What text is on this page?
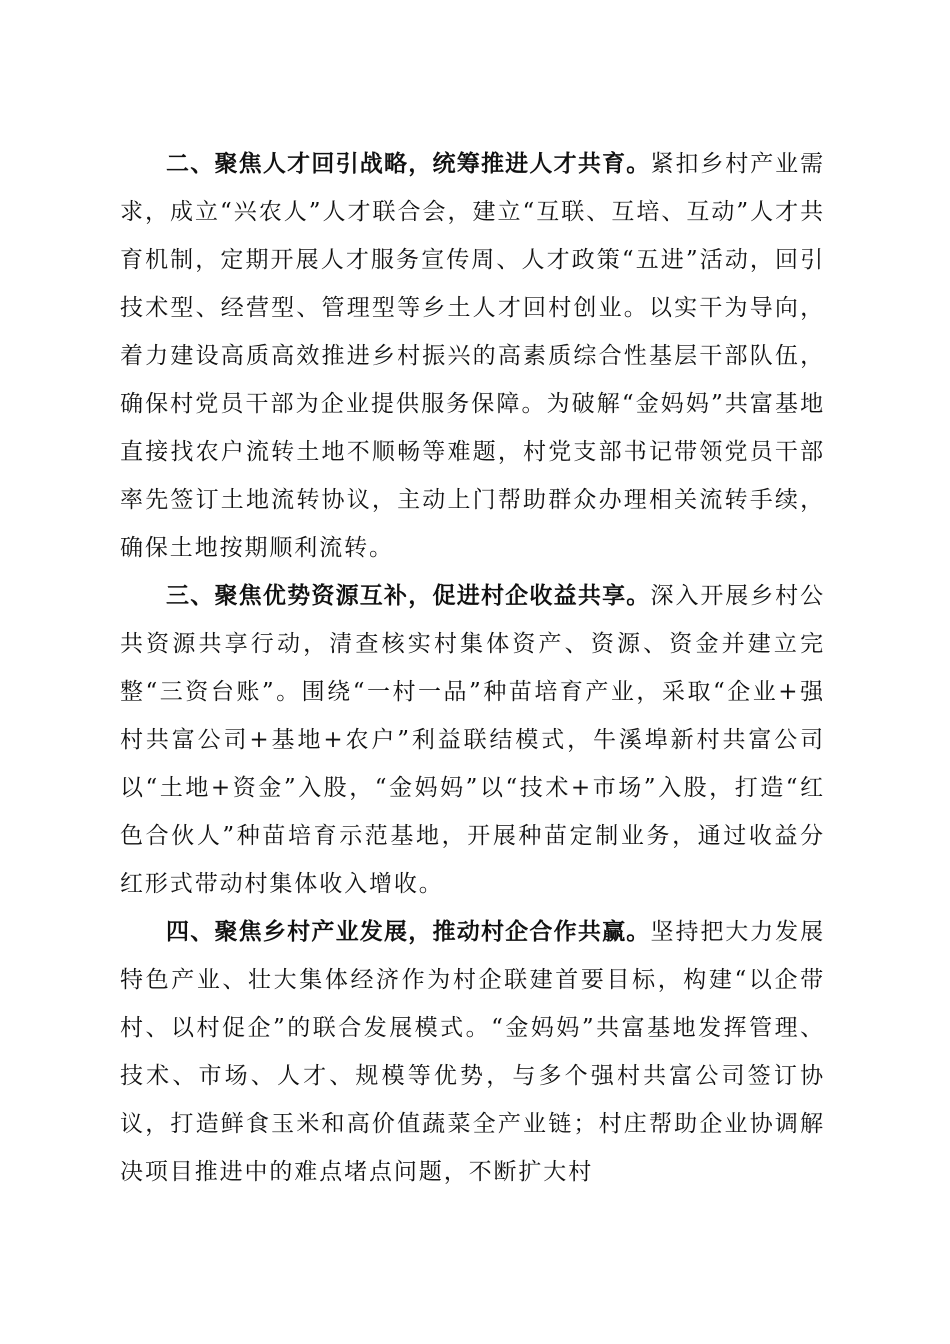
二、聚焦人才回引战略，统筹推进人才共育。紧扣乡村产业需求，成立“兴农人”人才联合会，建立“互联、互培、互动”人才共育机制，定期开展人才服务宣传周、人才政策“五进”活动，回引技术型、经营型、管理型等乡土人才回村创业。以实干为导向，着力建设高质高效推进乡村振兴的高素质综合性基层干部队伍，确保村党员干部为企业提供服务保障。为破解“金妈妈”共富基地直接找农户流转土地不顺畅等难题，村党支部书记带领党员干部率先签订土地流转协议，主动上门帮助群众办理相关流转手续，确保土地按期顺利流转。

三、聚焦优势资源互补，促进村企收益共享。深入开展乡村公共资源共享行动，清查核实村集体资产、资源、资金并建立完整“三资台账”。围绕“一村一品”种苗培育产业，采取“企业+强村共富公司+基地+农户”利益联结模式，牛溪埠新村共富公司以“土地+资金”入股，“金妈妈”以“技术+市场”入股，打造“红色合伙人”种苗培育示范基地，开展种苗定制业务，通过收益分红形式带动村集体收入增收。

四、聚焦乡村产业发展，推动村企合作共赢。坚持把大力发展特色产业、壮大集体经济作为村企联建首要目标，构建“以企带村、以村促企”的联合发展模式。“金妈妈”共富基地发挥管理、技术、市场、人才、规模等优势，与多个强村共富公司签订协议，打造鲜食玉米和高价值蔬菜全产业链；村庄帮助企业协调解决项目推进中的难点堵点问题，不断扩大村
